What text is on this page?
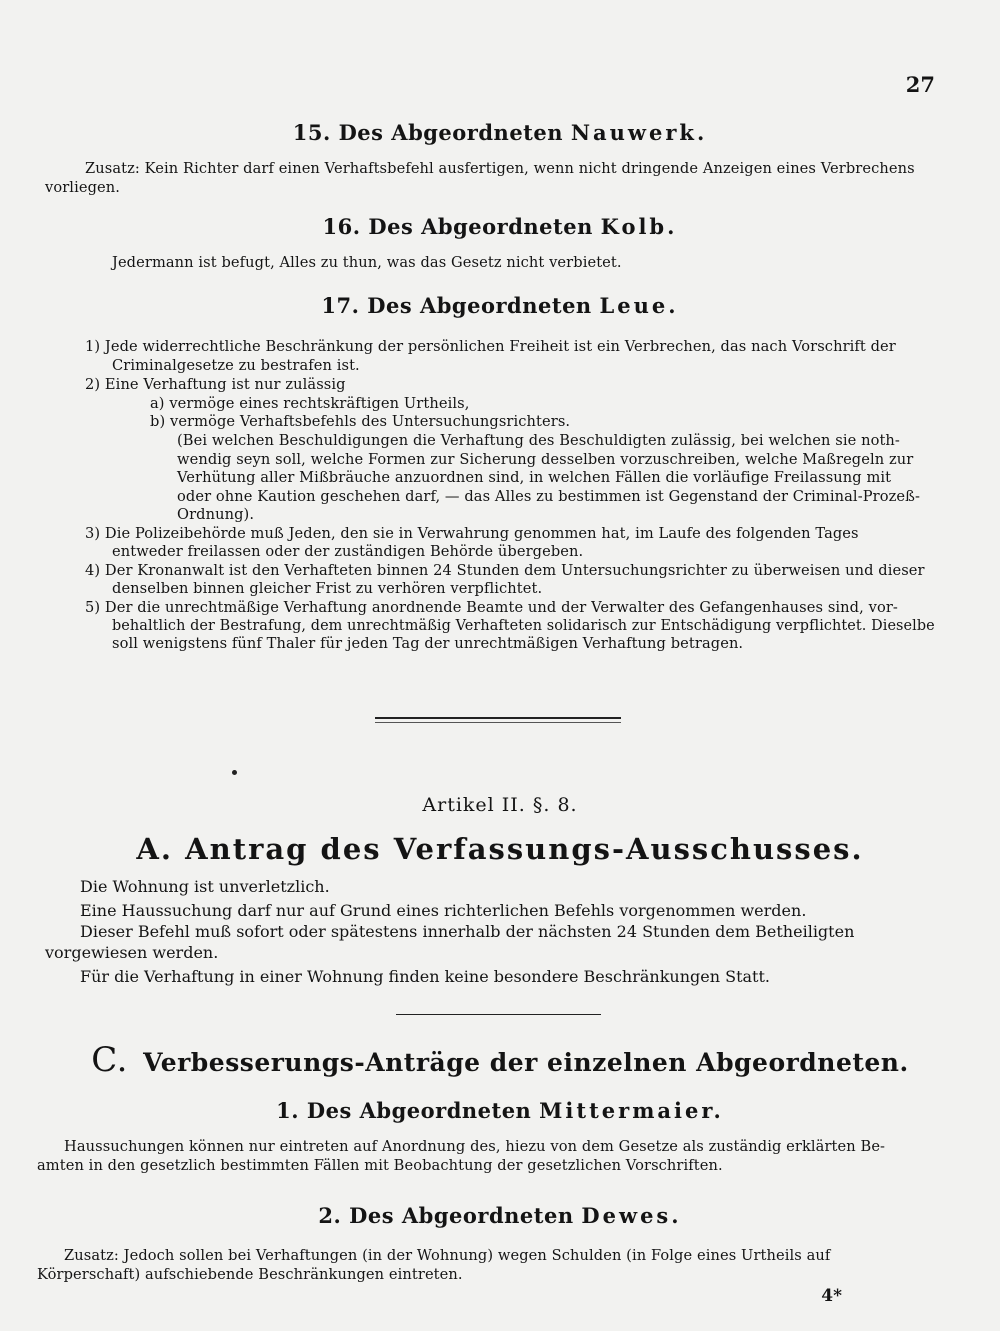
27
15. Des Abgeordneten Nauwerk.
Zusatz: Kein Richter darf einen Verhaftsbefehl ausfertigen, wenn nicht dringende Anzeigen eines Verbrechens
vorliegen.
16. Des Abgeordneten Kolb.
Jedermann ist befugt, Alles zu thun, was das Gesetz nicht verbietet.
17. Des Abgeordneten Leue.
1) Jede widerrechtliche Beschränkung der persönlichen Freiheit ist ein Verbrechen, das nach Vorschrift der
Criminalgesetze zu bestrafen ist.
2) Eine Verhaftung ist nur zulässig
a) vermöge eines rechtskräftigen Urtheils,
b) vermöge Verhaftsbefehls des Untersuchungsrichters.
(Bei welchen Beschuldigungen die Verhaftung des Beschuldigten zulässig, bei welchen sie noth-
wendig seyn soll, welche Formen zur Sicherung desselben vorzuschreiben, welche Maßregeln zur
Verhütung aller Mißbräuche anzuordnen sind, in welchen Fällen die vorläufige Freilassung mit
oder ohne Kaution geschehen darf, — das Alles zu bestimmen ist Gegenstand der Criminal-Prozeß-
Ordnung).
3) Die Polizeibehörde muß Jeden, den sie in Verwahrung genommen hat, im Laufe des folgenden Tages
entweder freilassen oder der zuständigen Behörde übergeben.
4) Der Kronanwalt ist den Verhafteten binnen 24 Stunden dem Untersuchungsrichter zu überweisen und dieser
denselben binnen gleicher Frist zu verhören verpflichtet.
5) Der die unrechtmäßige Verhaftung anordnende Beamte und der Verwalter des Gefangenhauses sind, vor-
behaltlich der Bestrafung, dem unrechtmäßig Verhafteten solidarisch zur Entschädigung verpflichtet. Dieselbe
soll wenigstens fünf Thaler für jeden Tag der unrechtmäßigen Verhaftung betragen.
Artikel II. §. 8.
A. Antrag des Verfassungs-Ausschusses.
Die Wohnung ist unverletzlich.
Eine Haussuchung darf nur auf Grund eines richterlichen Befehls vorgenommen werden.
Dieser Befehl muß sofort oder spätestens innerhalb der nächsten 24 Stunden dem Betheiligten
vorgewiesen werden.
Für die Verhaftung in einer Wohnung finden keine besondere Beschränkungen Statt.
C. Verbesserungs-Anträge der einzelnen Abgeordneten.
1. Des Abgeordneten Mittermaier.
Haussuchungen können nur eintreten auf Anordnung des, hiezu von dem Gesetze als zuständig erklärten Be-
amten in den gesetzlich bestimmten Fällen mit Beobachtung der gesetzlichen Vorschriften.
2. Des Abgeordneten Dewes.
Zusatz: Jedoch sollen bei Verhaftungen (in der Wohnung) wegen Schulden (in Folge eines Urtheils auf
Körperschaft) aufschiebende Beschränkungen eintreten.
4*
